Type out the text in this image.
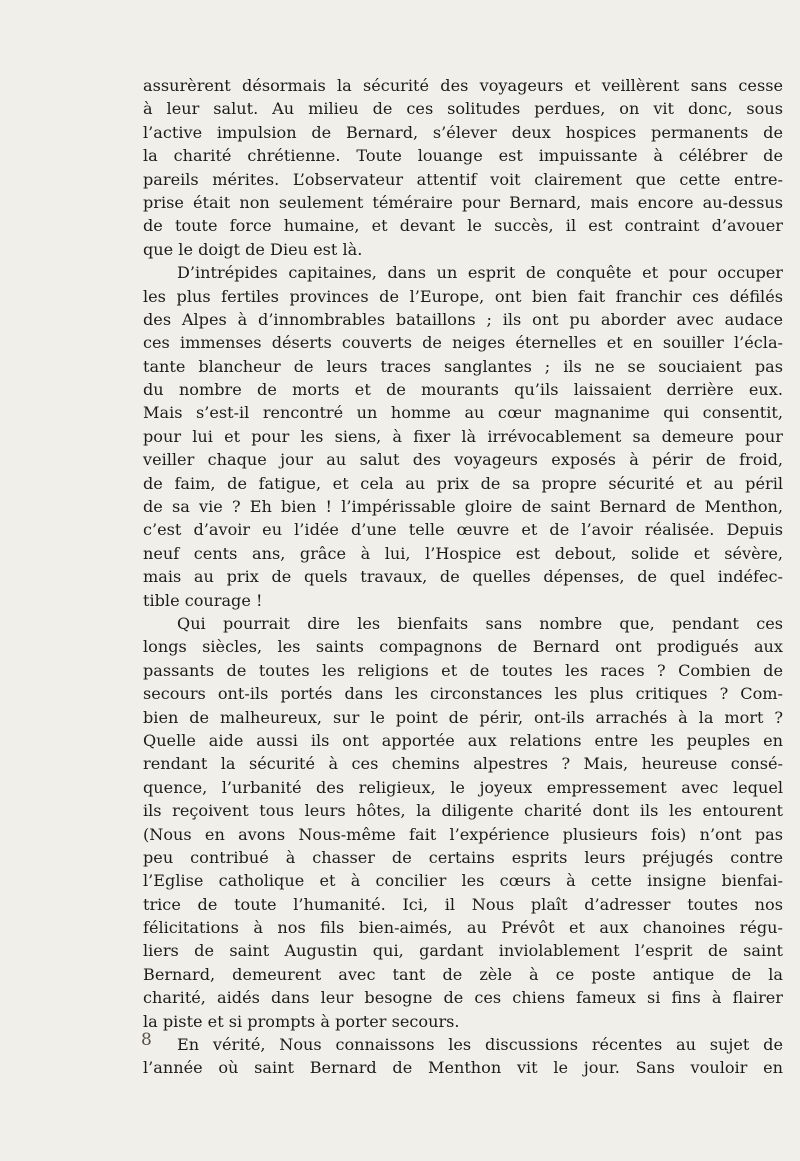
assurèrent désormais la sécurité des voyageurs et veillèrent sans cesse
à leur salut. Au milieu de ces solitudes perdues, on vit donc, sous
l’active impulsion de Bernard, s’élever deux hospices permanents de
la charité chrétienne. Toute louange est impuissante à célébrer de
pareils mérites. L’observateur attentif voit clairement que cette entre-
prise était non seulement téméraire pour Bernard, mais encore au-dessus
de toute force humaine, et devant le succès, il est contraint d’avouer
que le doigt de Dieu est là.
D’intrépides capitaines, dans un esprit de conquête et pour occuper
les plus fertiles provinces de l’Europe, ont bien fait franchir ces défilés
des Alpes à d’innombrables bataillons ; ils ont pu aborder avec audace
ces immenses déserts couverts de neiges éternelles et en souiller l’écla-
tante blancheur de leurs traces sanglantes ; ils ne se souciaient pas
du nombre de morts et de mourants qu’ils laissaient derrière eux.
Mais s’est-il rencontré un homme au cœur magnanime qui consentit,
pour lui et pour les siens, à fixer là irrévocablement sa demeure pour
veiller chaque jour au salut des voyageurs exposés à périr de froid,
de faim, de fatigue, et cela au prix de sa propre sécurité et au péril
de sa vie ? Eh bien ! l’impérissable gloire de saint Bernard de Menthon,
c’est d’avoir eu l’idée d’une telle œuvre et de l’avoir réalisée. Depuis
neuf cents ans, grâce à lui, l’Hospice est debout, solide et sévère,
mais au prix de quels travaux, de quelles dépenses, de quel indéfec-
tible courage !
Qui pourrait dire les bienfaits sans nombre que, pendant ces
longs siècles, les saints compagnons de Bernard ont prodigués aux
passants de toutes les religions et de toutes les races ? Combien de
secours ont-ils portés dans les circonstances les plus critiques ? Com-
bien de malheureux, sur le point de périr, ont-ils arrachés à la mort ?
Quelle aide aussi ils ont apportée aux relations entre les peuples en
rendant la sécurité à ces chemins alpestres ? Mais, heureuse consé-
quence, l’urbanité des religieux, le joyeux empressement avec lequel
ils reçoivent tous leurs hôtes, la diligente charité dont ils les entourent
(Nous en avons Nous-même fait l’expérience plusieurs fois) n’ont pas
peu contribué à chasser de certains esprits leurs préjugés contre
l’Eglise catholique et à concilier les cœurs à cette insigne bienfai-
trice de toute l’humanité. Ici, il Nous plaît d’adresser toutes nos
félicitations à nos fils bien-aimés, au Prévôt et aux chanoines régu-
liers de saint Augustin qui, gardant inviolablement l’esprit de saint
Bernard, demeurent avec tant de zèle à ce poste antique de la
charité, aidés dans leur besogne de ces chiens fameux si fins à flairer
la piste et si prompts à porter secours.
En vérité, Nous connaissons les discussions récentes au sujet de
l’année où saint Bernard de Menthon vit le jour. Sans vouloir en
8
